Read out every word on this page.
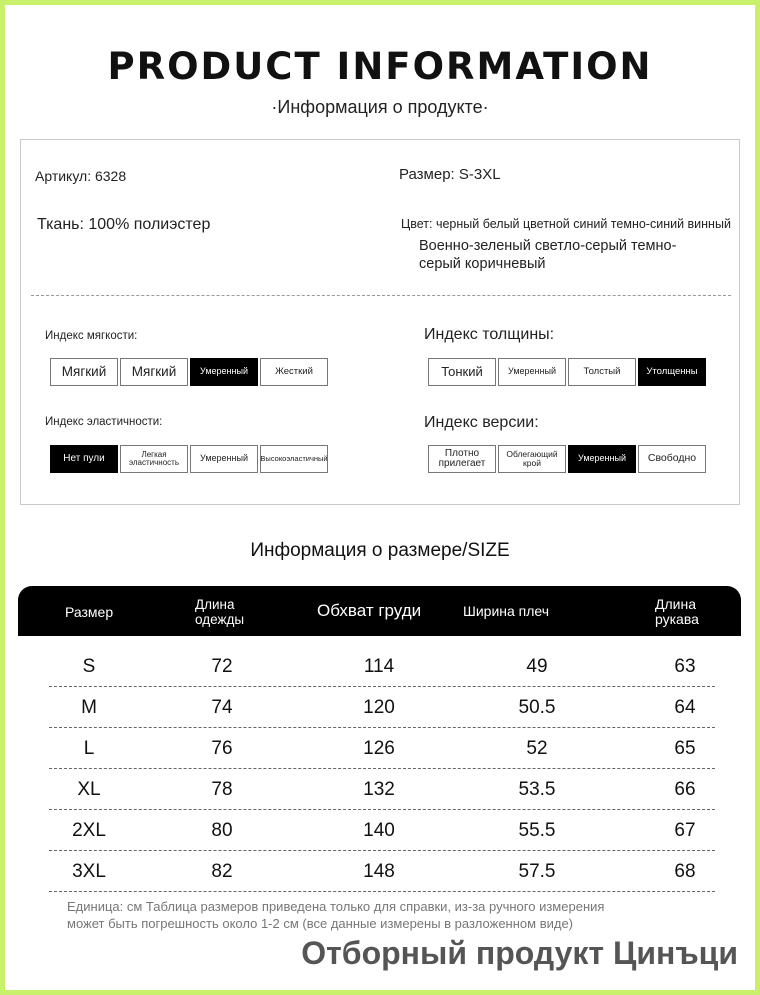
PRODUCT INFORMATION
·Информация о продукте·
Артикул: 6328	Размер: S-3XL
Ткань: 100% полиэстер	Цвет: черный белый цветной синий темно-синий винный
Военно-зеленый светло-серый темно-
серый коричневый
Индекс мягкости:
Мягкий	Мягкий	Умеренный	Жесткий
Индекс толщины:
Тонкий	Умеренный	Толстый	Утолщенны
Индекс эластичности:
Нет пули	Легкая эластичность	Умеренный	Высокоэластичный
Индекс версии:
Плотно прилегает
Облегающий крой	Умеренный	Свободно
Информация о размере/SIZE
Размер	Длина одежды	Обхват груди	Ширина плеч	Длина рукава
S	72	114	49	63
M	74	120	50.5	64
L	76	126	52	65
XL	78	132	53.5	66
2XL	80	140	55.5	67
3XL	82	148	57.5	68
Единица: см Таблица размеров приведена только для справки, из-за ручного измерения
может быть погрешность около 1-2 см (все данные измерены в разложенном виде)
Отборный продукт Цинъци
